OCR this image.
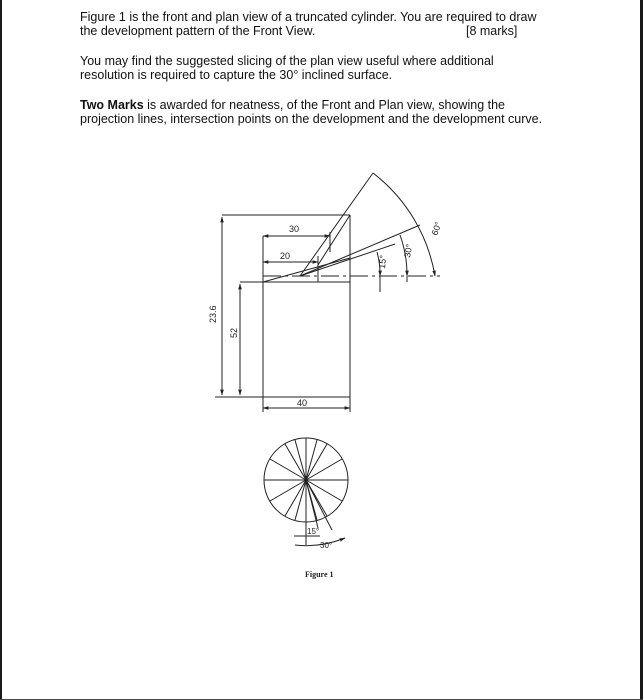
Figure 1 is the front and plan view of a truncated cylinder. You are required to draw

the development pattern of the Front View.	[8 marks]

You may find the suggested slicing of the plan view useful where additional

resolution is required to capture the 30° inclined surface.

Two Marks is awarded for neatness, of the Front and Plan view, showing the

projection lines, intersection points on the development and the development curve.

30
20
40
23.6
52
60°
30°
15°
15°
30°
Figure 1
